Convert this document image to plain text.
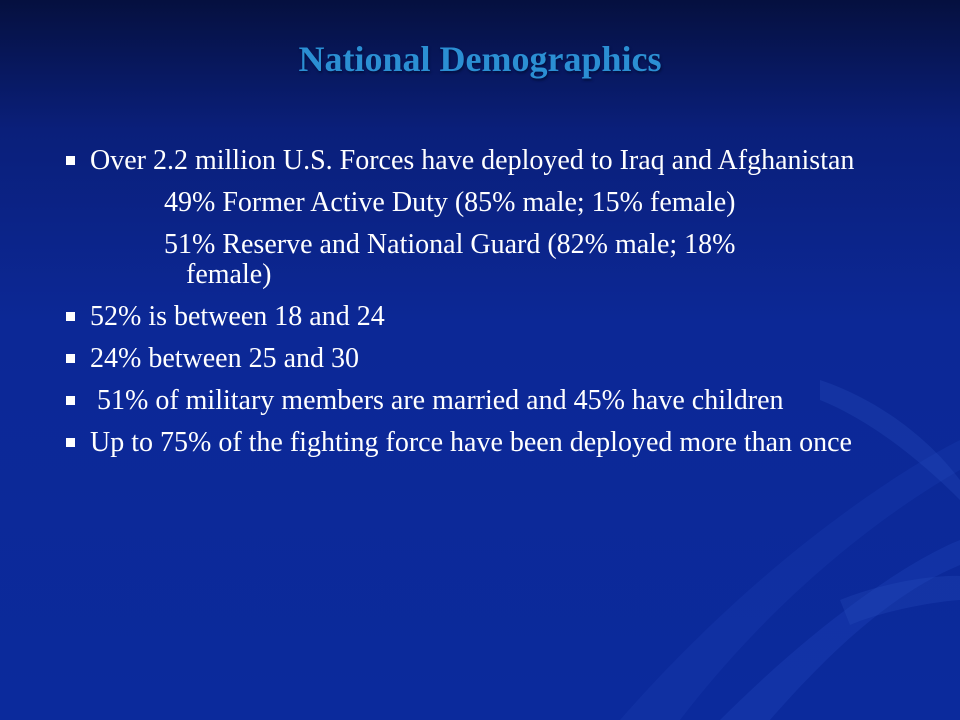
National Demographics
Over 2.2 million U.S. Forces have deployed to Iraq and Afghanistan
49% Former Active Duty (85% male; 15% female)
51% Reserve and National Guard (82% male; 18%
female)
52% is between 18 and 24
24% between 25 and 30
51% of military members are married and 45% have children
Up to 75% of the fighting force have been deployed more than once
